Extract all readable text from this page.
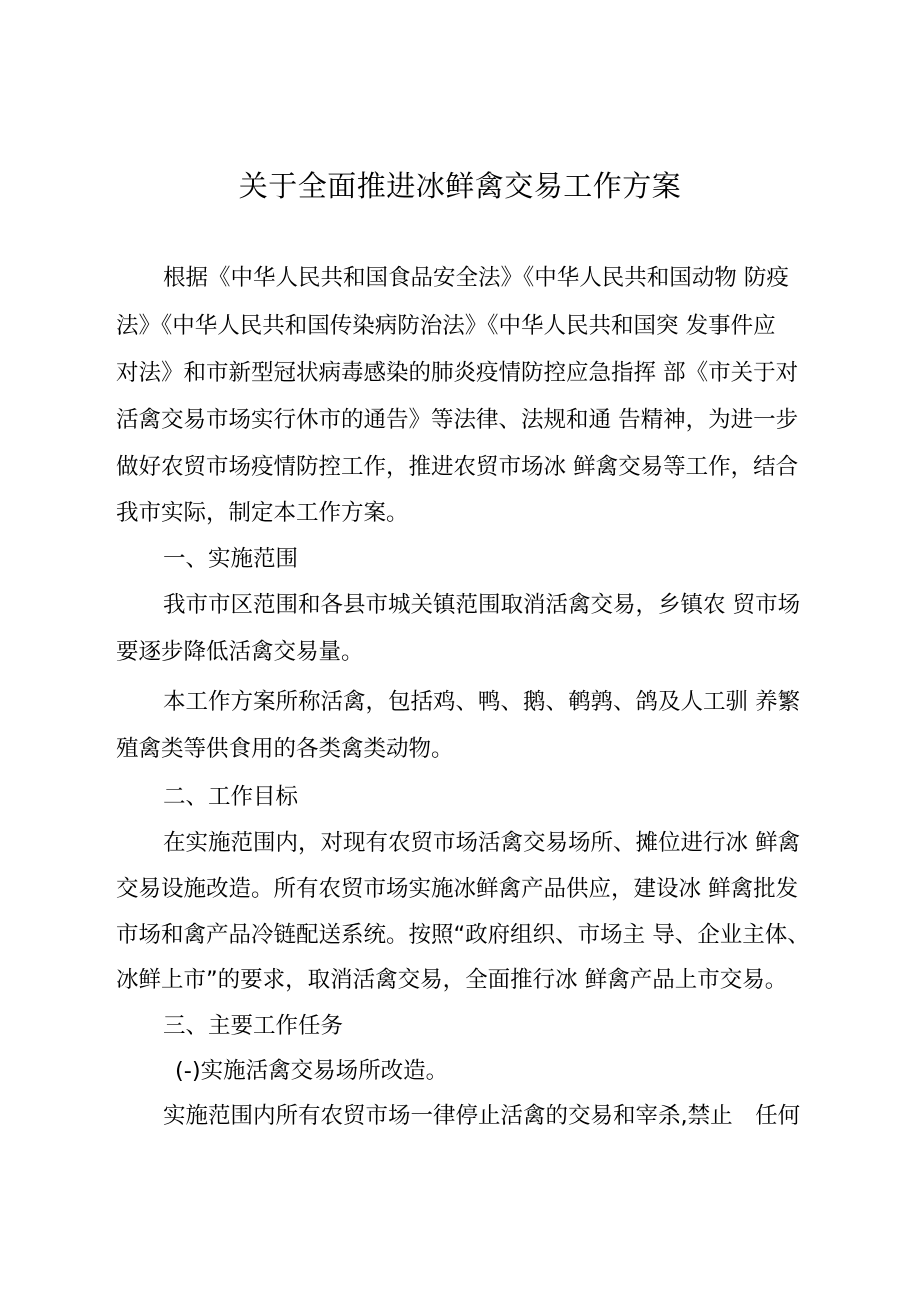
关于全面推进冰鲜禽交易工作方案
根据《中华人民共和国食品安全法》《中华人民共和国动物 防疫
法》《中华人民共和国传染病防治法》《中华人民共和国突 发事件应
对法》和市新型冠状病毒感染的肺炎疫情防控应急指挥 部《市关于对
活禽交易市场实行休市的通告》等法律、法规和通 告精神，为进一步
做好农贸市场疫情防控工作，推进农贸市场冰 鲜禽交易等工作，结合
我市实际，制定本工作方案。
一、实施范围
我市市区范围和各县市城关镇范围取消活禽交易，乡镇农 贸市场
要逐步降低活禽交易量。
本工作方案所称活禽，包括鸡、鸭、鹅、鹌鹑、鸽及人工驯 养繁
殖禽类等供食用的各类禽类动物。
二、工作目标
在实施范围内，对现有农贸市场活禽交易场所、摊位进行冰 鲜禽
交易设施改造。所有农贸市场实施冰鲜禽产品供应，建设冰 鲜禽批发
市场和禽产品冷链配送系统。按照“政府组织、市场主 导、企业主体、
冰鲜上市”的要求，取消活禽交易，全面推行冰 鲜禽产品上市交易。
三、主要工作任务
(-)实施活禽交易场所改造。
实施范围内所有农贸市场一律停止活禽的交易和宰杀,禁止　任何
